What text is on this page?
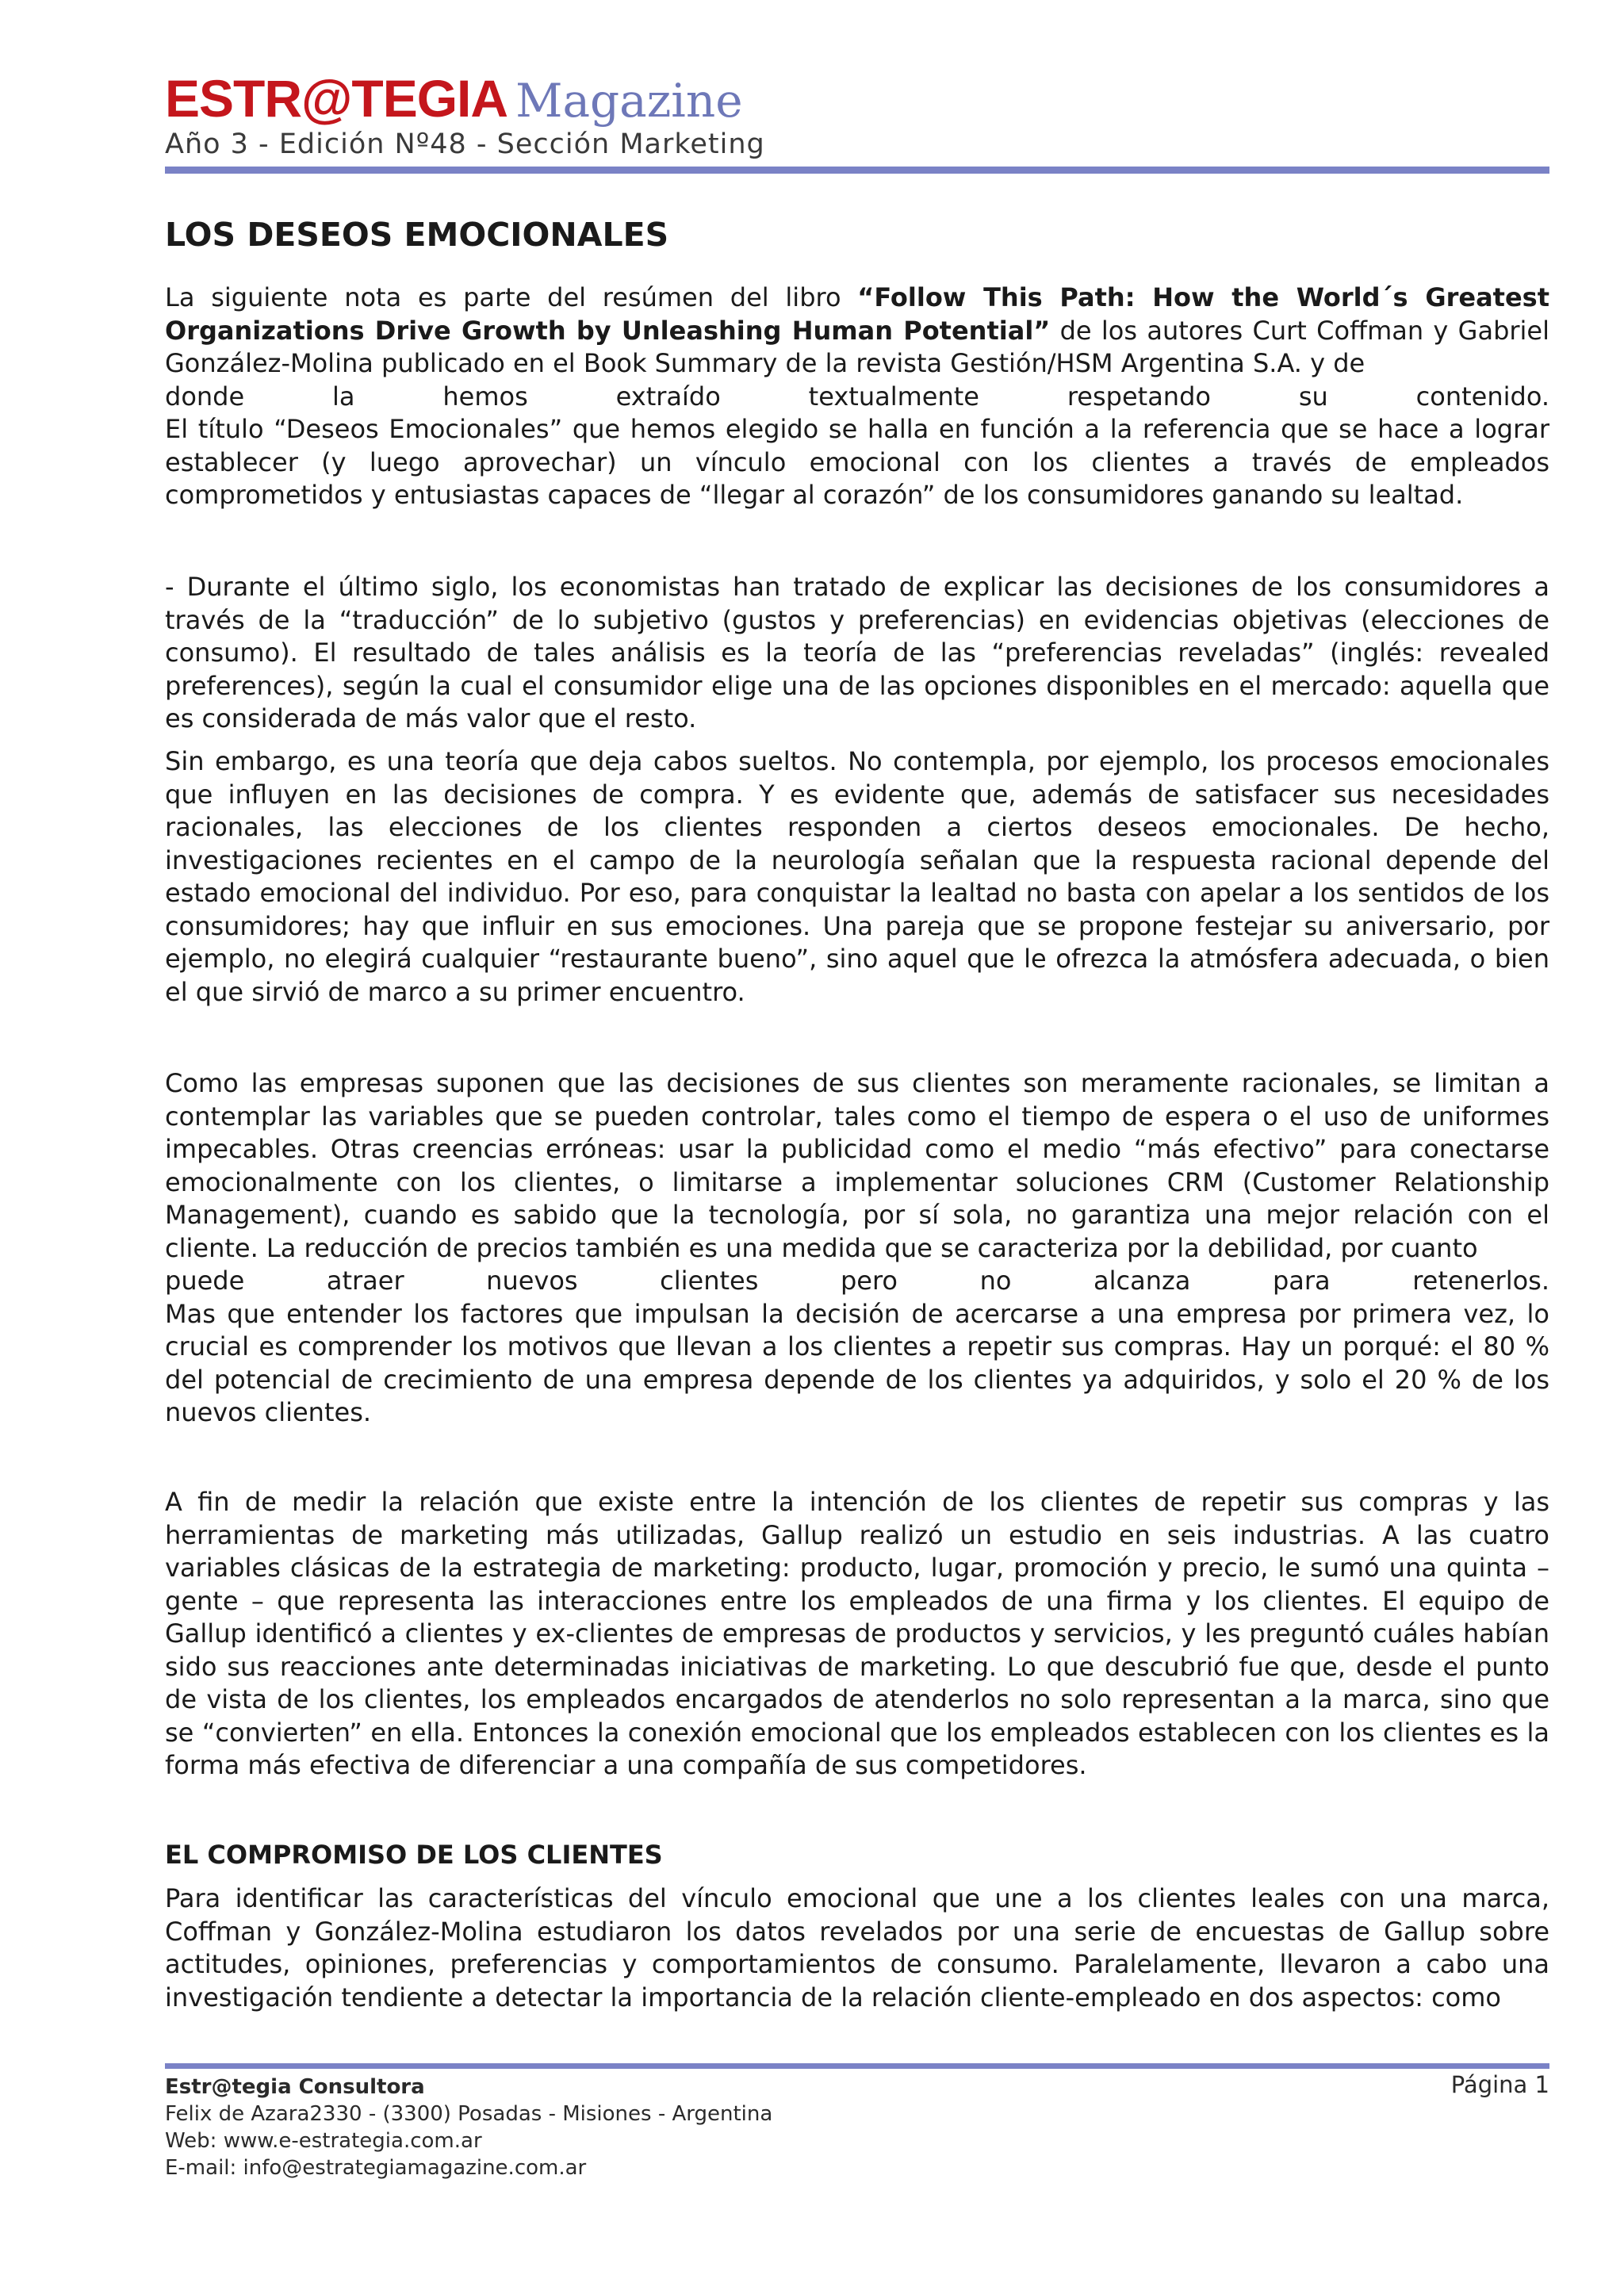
ESTR@TEGIA Magazine
Año 3 - Edición Nº48 - Sección Marketing
LOS DESEOS EMOCIONALES

La siguiente nota es parte del resúmen del libro “Follow This Path: How the World´s Greatest Organizations Drive Growth by Unleashing Human Potential” de los autores Curt Coffman y Gabriel González-Molina publicado en el Book Summary de la revista Gestión/HSM Argentina S.A. y de
donde la hemos extraído textualmente respetando su contenido.
El título “Deseos Emocionales” que hemos elegido se halla en función a la referencia que se hace a lograr establecer (y luego aprovechar) un vínculo emocional con los clientes a través de empleados comprometidos y entusiastas capaces de “llegar al corazón” de los consumidores ganando su lealtad.

- Durante el último siglo, los economistas han tratado de explicar las decisiones de los consumidores a través de la “traducción” de lo subjetivo (gustos y preferencias) en evidencias objetivas (elecciones de consumo). El resultado de tales análisis es la teoría de las “preferencias reveladas” (inglés: revealed preferences), según la cual el consumidor elige una de las opciones disponibles en el mercado: aquella que es considerada de más valor que el resto.

Sin embargo, es una teoría que deja cabos sueltos. No contempla, por ejemplo, los procesos emocionales que influyen en las decisiones de compra. Y es evidente que, además de satisfacer sus necesidades racionales, las elecciones de los clientes responden a ciertos deseos emocionales. De hecho, investigaciones recientes en el campo de la neurología señalan que la respuesta racional depende del estado emocional del individuo. Por eso, para conquistar la lealtad no basta con apelar a los sentidos de los consumidores; hay que influir en sus emociones. Una pareja que se propone festejar su aniversario, por ejemplo, no elegirá cualquier “restaurante bueno”, sino aquel que le ofrezca la atmósfera adecuada, o bien el que sirvió de marco a su primer encuentro.

Como las empresas suponen que las decisiones de sus clientes son meramente racionales, se limitan a contemplar las variables que se pueden controlar, tales como el tiempo de espera o el uso de uniformes impecables. Otras creencias erróneas: usar la publicidad como el medio “más efectivo” para conectarse emocionalmente con los clientes, o limitarse a implementar soluciones CRM (Customer Relationship Management), cuando es sabido que la tecnología, por sí sola, no garantiza una mejor relación con el cliente. La reducción de precios también es una medida que se caracteriza por la debilidad, por cuanto
puede atraer nuevos clientes pero no alcanza para retenerlos.
Mas que entender los factores que impulsan la decisión de acercarse a una empresa por primera vez, lo crucial es comprender los motivos que llevan a los clientes a repetir sus compras. Hay un porqué: el 80 % del potencial de crecimiento de una empresa depende de los clientes ya adquiridos, y solo el 20 % de los nuevos clientes.

A fin de medir la relación que existe entre la intención de los clientes de repetir sus compras y las herramientas de marketing más utilizadas, Gallup realizó un estudio en seis industrias. A las cuatro variables clásicas de la estrategia de marketing: producto, lugar, promoción y precio, le sumó una quinta – gente – que representa las interacciones entre los empleados de una firma y los clientes. El equipo de Gallup identificó a clientes y ex-clientes de empresas de productos y servicios, y les preguntó cuáles habían sido sus reacciones ante determinadas iniciativas de marketing. Lo que descubrió fue que, desde el punto de vista de los clientes, los empleados encargados de atenderlos no solo representan a la marca, sino que se “convierten” en ella. Entonces la conexión emocional que los empleados establecen con los clientes es la forma más efectiva de diferenciar a una compañía de sus competidores.

EL COMPROMISO DE LOS CLIENTES

Para identificar las características del vínculo emocional que une a los clientes leales con una marca, Coffman y González-Molina estudiaron los datos revelados por una serie de encuestas de Gallup sobre actitudes, opiniones, preferencias y comportamientos de consumo. Paralelamente, llevaron a cabo una investigación tendiente a detectar la importancia de la relación cliente-empleado en dos aspectos: como

Estr@tegia Consultora
Felix de Azara2330 - (3300) Posadas - Misiones - Argentina
Web: www.e-estrategia.com.ar
E-mail: info@estrategiamagazine.com.ar
Página 1
